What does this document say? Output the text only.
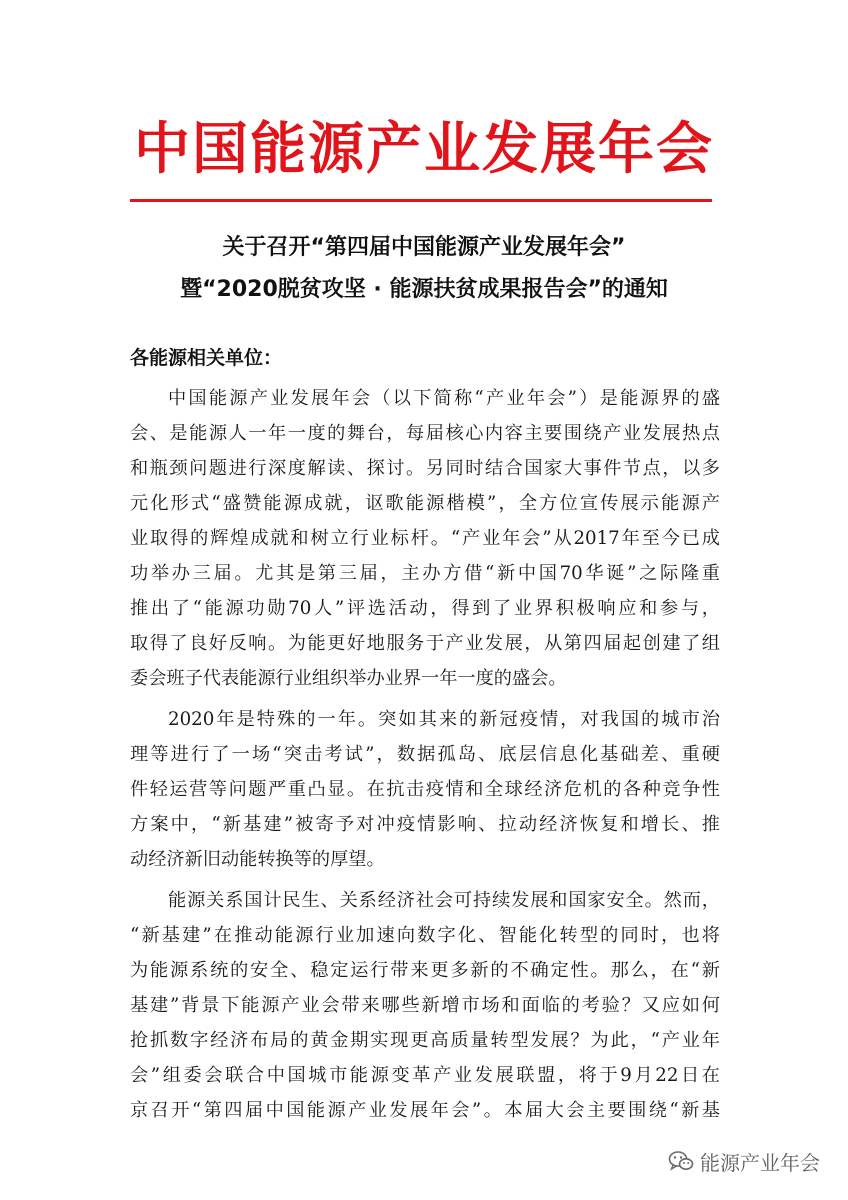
中国能源产业发展年会
关于召开“第四届中国能源产业发展年会”
暨“2020脱贫攻坚 · 能源扶贫成果报告会”的通知
各能源相关单位：
中国能源产业发展年会（以下简称“产业年会”）是能源界的盛
会、是能源人一年一度的舞台，每届核心内容主要围绕产业发展热点
和瓶颈问题进行深度解读、探讨。另同时结合国家大事件节点，以多
元化形式“盛赞能源成就，讴歌能源楷模”，全方位宣传展示能源产
业取得的辉煌成就和树立行业标杆。“产业年会”从2017年至今已成
功举办三届。尤其是第三届，主办方借“新中国70华诞”之际隆重
推出了“能源功勋70人”评选活动，得到了业界积极响应和参与，
取得了良好反响。为能更好地服务于产业发展，从第四届起创建了组
委会班子代表能源行业组织举办业界一年一度的盛会。
2020年是特殊的一年。突如其来的新冠疫情，对我国的城市治
理等进行了一场“突击考试”，数据孤岛、底层信息化基础差、重硬
件轻运营等问题严重凸显。在抗击疫情和全球经济危机的各种竞争性
方案中，“新基建”被寄予对冲疫情影响、拉动经济恢复和增长、推
动经济新旧动能转换等的厚望。
能源关系国计民生、关系经济社会可持续发展和国家安全。然而，
“新基建”在推动能源行业加速向数字化、智能化转型的同时，也将
为能源系统的安全、稳定运行带来更多新的不确定性。那么，在“新
基建”背景下能源产业会带来哪些新增市场和面临的考验？又应如何
抢抓数字经济布局的黄金期实现更高质量转型发展？为此，“产业年
会”组委会联合中国城市能源变革产业发展联盟，将于9月22日在
京召开“第四届中国能源产业发展年会”。本届大会主要围绕“新基
能源产业年会
